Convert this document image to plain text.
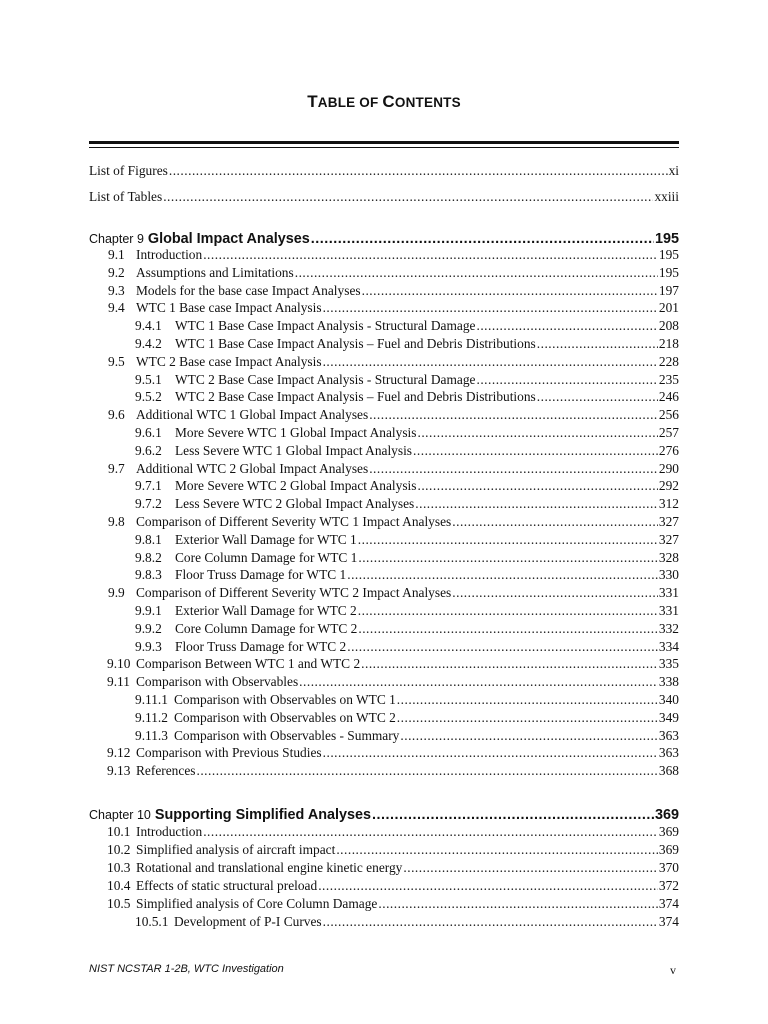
TABLE OF CONTENTS
List of Figures .....	xi
List of Tables .....	xxiii
Chapter 9 Global Impact Analyses .....	195
9.1 Introduction .....	195
9.2 Assumptions and Limitations .....	195
9.3 Models for the base case Impact Analyses .....	197
9.4 WTC 1 Base case Impact Analysis .....	201
9.4.1 WTC 1 Base Case Impact Analysis - Structural Damage .....	208
9.4.2 WTC 1 Base Case Impact Analysis – Fuel and Debris Distributions .....	218
9.5 WTC 2 Base case Impact Analysis .....	228
9.5.1 WTC 2 Base Case Impact Analysis - Structural Damage .....	235
9.5.2 WTC 2 Base Case Impact Analysis – Fuel and Debris Distributions .....	246
9.6 Additional WTC 1 Global Impact Analyses .....	256
9.6.1 More Severe WTC 1 Global Impact Analysis .....	257
9.6.2 Less Severe WTC 1 Global Impact Analysis .....	276
9.7 Additional WTC 2 Global Impact Analyses .....	290
9.7.1 More Severe WTC 2 Global Impact Analysis .....	292
9.7.2 Less Severe WTC 2 Global Impact Analyses .....	312
9.8 Comparison of Different Severity WTC 1 Impact Analyses .....	327
9.8.1 Exterior Wall Damage for WTC 1 .....	327
9.8.2 Core Column Damage for WTC 1 .....	328
9.8.3 Floor Truss Damage for WTC 1 .....	330
9.9 Comparison of Different Severity WTC 2 Impact Analyses .....	331
9.9.1 Exterior Wall Damage for WTC 2 .....	331
9.9.2 Core Column Damage for WTC 2 .....	332
9.9.3 Floor Truss Damage for WTC 2 .....	334
9.10 Comparison Between WTC 1 and WTC 2 .....	335
9.11 Comparison with Observables .....	338
9.11.1 Comparison with Observables on WTC 1 .....	340
9.11.2 Comparison with Observables on WTC 2 .....	349
9.11.3 Comparison with Observables - Summary .....	363
9.12 Comparison with Previous Studies .....	363
9.13 References .....	368
Chapter 10 Supporting Simplified Analyses .....	369
10.1 Introduction .....	369
10.2 Simplified analysis of aircraft impact .....	369
10.3 Rotational and translational engine kinetic energy .....	370
10.4 Effects of static structural preload .....	372
10.5 Simplified analysis of Core Column Damage .....	374
10.5.1 Development of P-I Curves .....	374
NIST NCSTAR 1-2B, WTC Investigation	v
